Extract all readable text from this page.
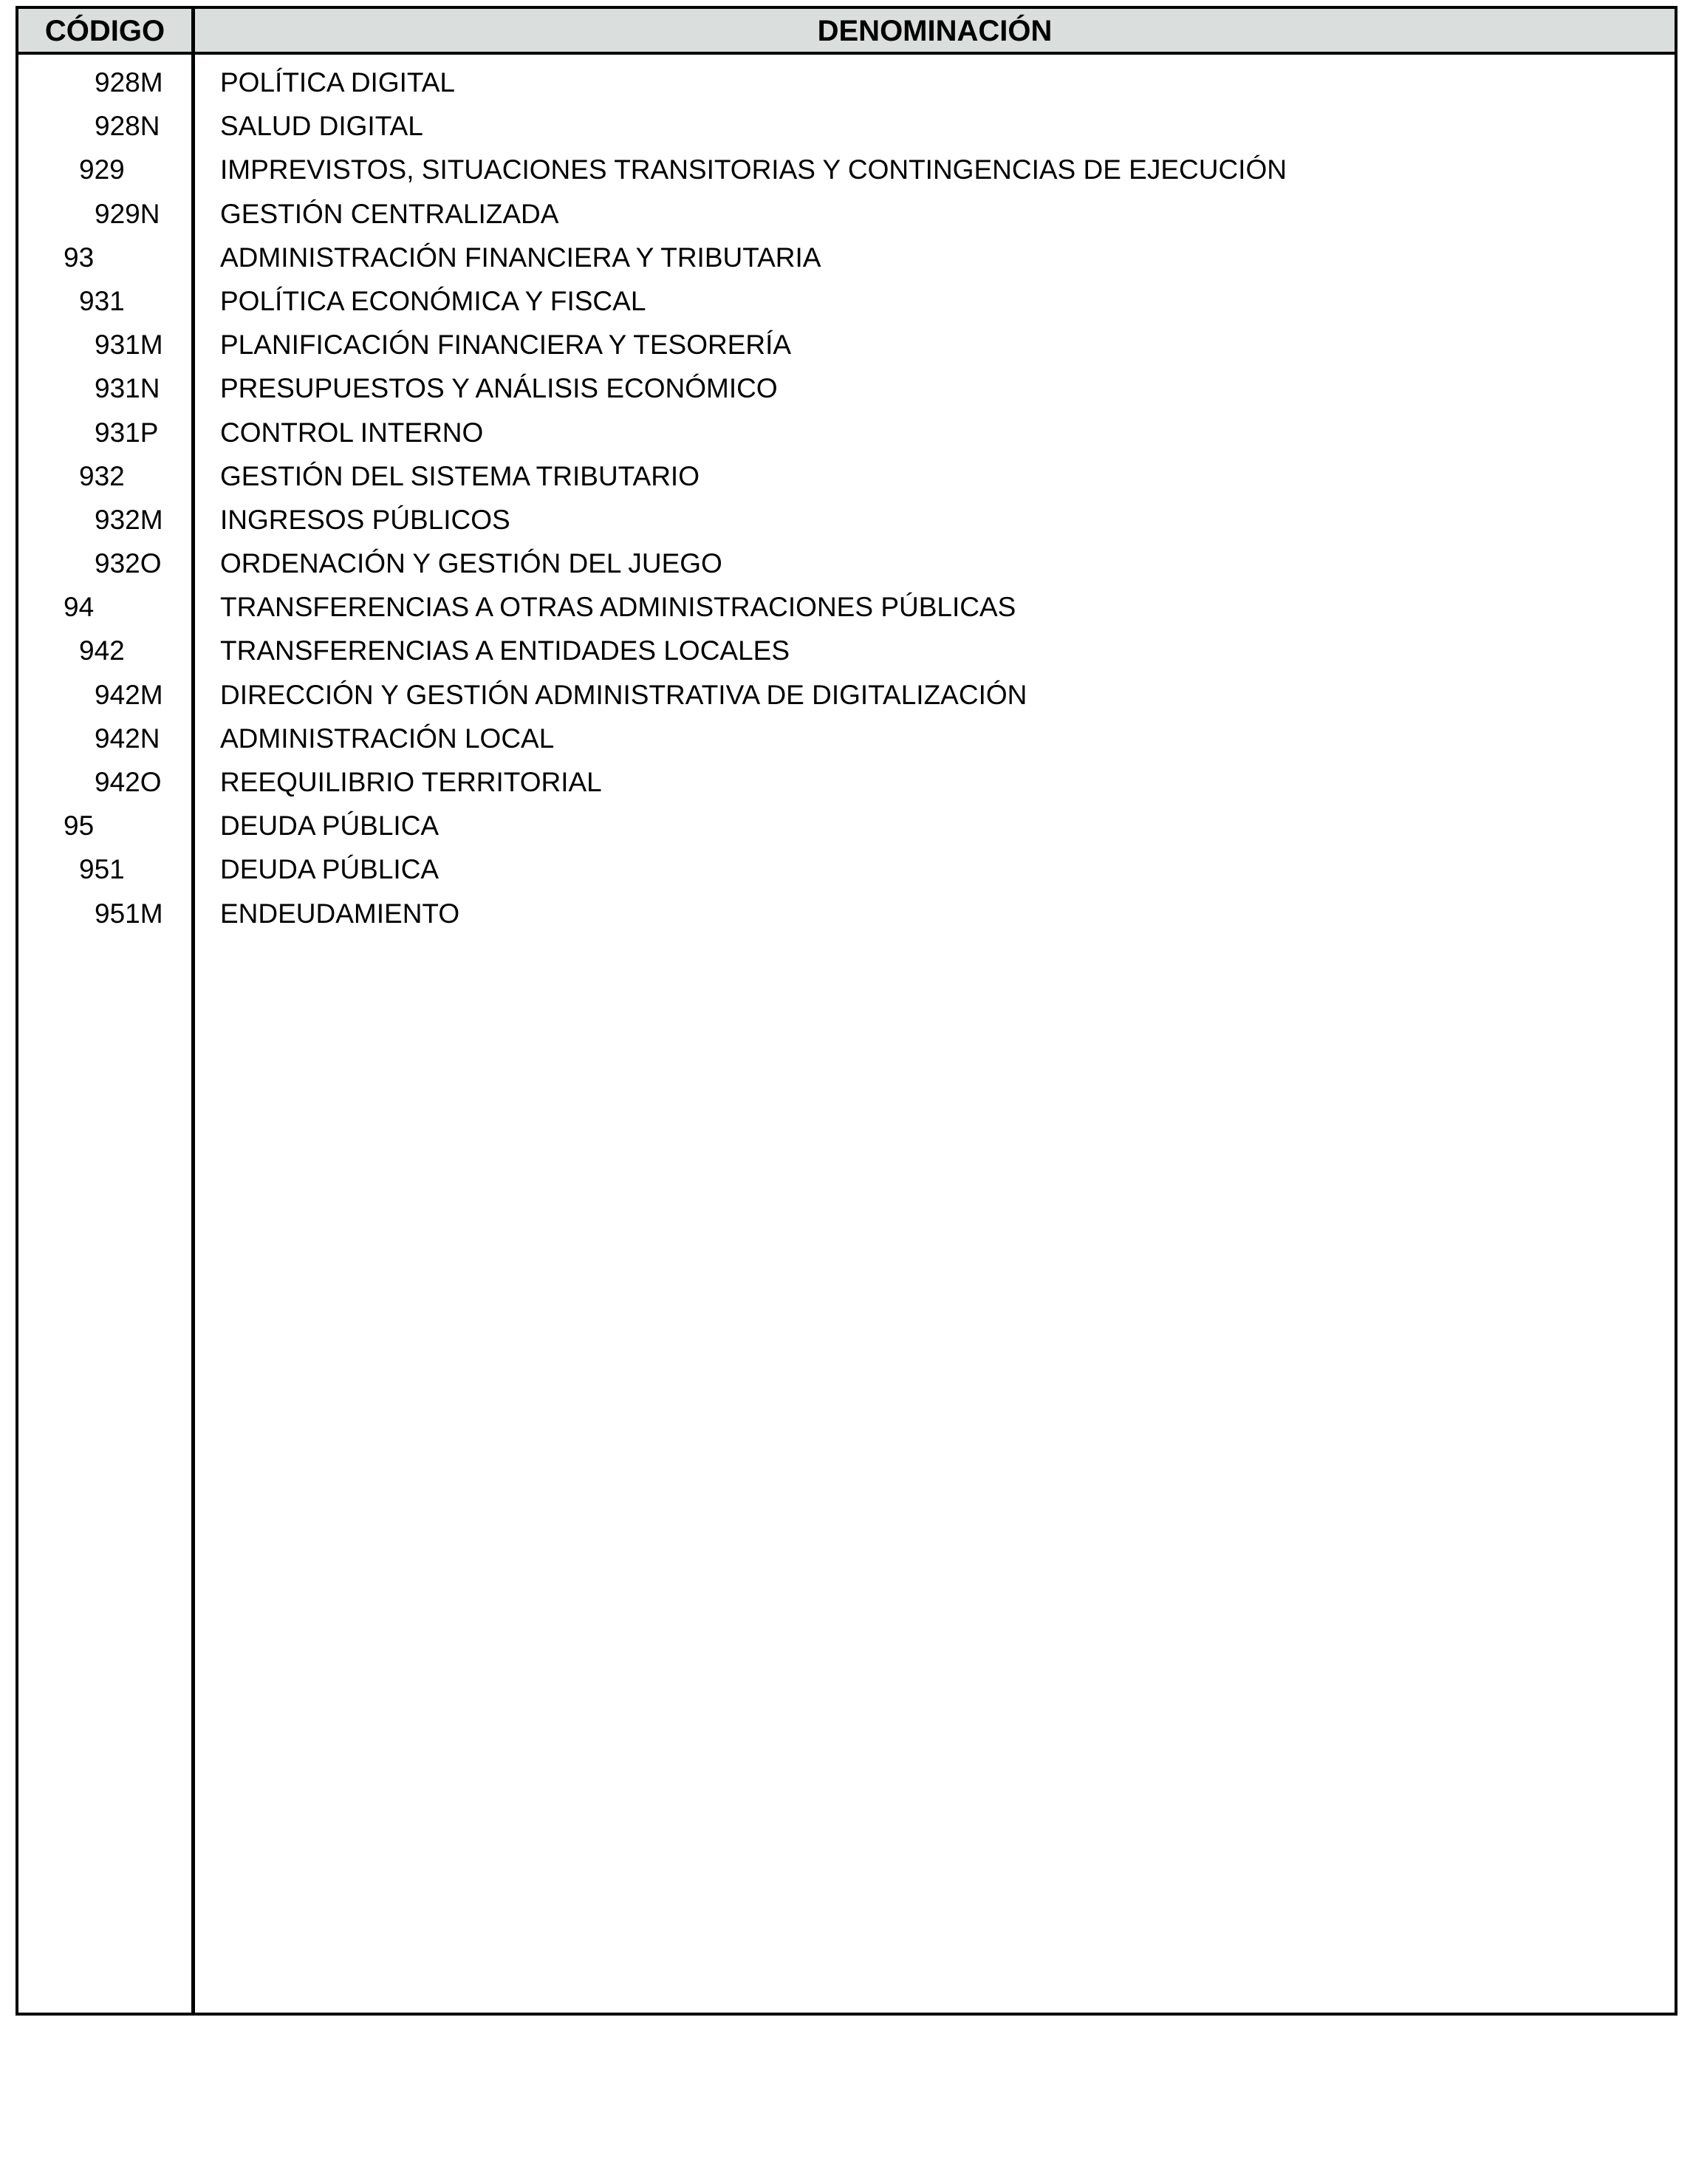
CÓDIGO	DENOMINACIÓN
928M POLÍTICA DIGITAL
928N SALUD DIGITAL
929	IMPREVISTOS, SITUACIONES TRANSITORIAS Y CONTINGENCIAS DE EJECUCIÓN
929N GESTIÓN CENTRALIZADA
93	ADMINISTRACIÓN FINANCIERA Y TRIBUTARIA
931	POLÍTICA ECONÓMICA Y FISCAL
931M PLANIFICACIÓN FINANCIERA Y TESORERÍA
931N PRESUPUESTOS Y ANÁLISIS ECONÓMICO
931P CONTROL INTERNO
932	GESTIÓN DEL SISTEMA TRIBUTARIO
932M INGRESOS PÚBLICOS
932O ORDENACIÓN Y GESTIÓN DEL JUEGO
94	TRANSFERENCIAS A OTRAS ADMINISTRACIONES PÚBLICAS
942	TRANSFERENCIAS A ENTIDADES LOCALES
942M DIRECCIÓN Y GESTIÓN ADMINISTRATIVA DE DIGITALIZACIÓN
942N ADMINISTRACIÓN LOCAL
942O REEQUILIBRIO TERRITORIAL
95	DEUDA PÚBLICA
951	DEUDA PÚBLICA
951M ENDEUDAMIENTO
